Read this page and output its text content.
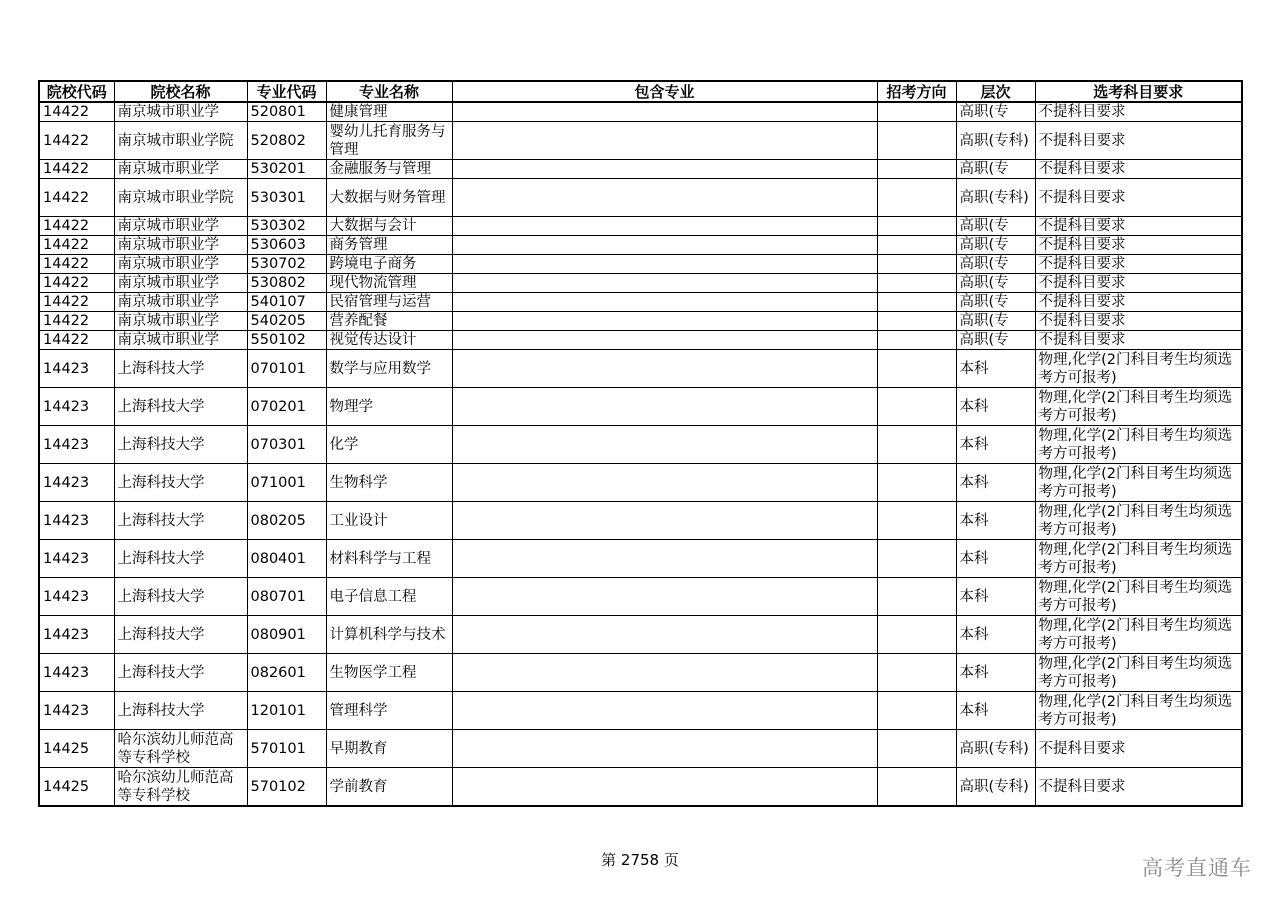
院校代码	院校名称	专业代码	专业名称	包含专业	招考方向	层次	选考科目要求

14422	南京城市职业学	520801	健康管理			高职(专	不提科目要求

14422	南京城市职业学院	520802	婴幼儿托育服务与管理			高职(专科)	不提科目要求

14422	南京城市职业学	530201	金融服务与管理			高职(专	不提科目要求

14422	南京城市职业学院	530301	大数据与财务管理			高职(专科)	不提科目要求

14422	南京城市职业学	530302	大数据与会计			高职(专	不提科目要求

14422	南京城市职业学	530603	商务管理			高职(专	不提科目要求

14422	南京城市职业学	530702	跨境电子商务			高职(专	不提科目要求

14422	南京城市职业学	530802	现代物流管理			高职(专	不提科目要求

14422	南京城市职业学	540107	民宿管理与运营			高职(专	不提科目要求

14422	南京城市职业学	540205	营养配餐			高职(专	不提科目要求

14422	南京城市职业学	550102	视觉传达设计			高职(专	不提科目要求

14423	上海科技大学	070101	数学与应用数学			本科	物理,化学(2门科目考生均须选考方可报考)
14423	上海科技大学	070201	物理学			本科	物理,化学(2门科目考生均须选考方可报考)
14423	上海科技大学	070301	化学			本科	物理,化学(2门科目考生均须选考方可报考)
14423	上海科技大学	071001	生物科学			本科	物理,化学(2门科目考生均须选考方可报考)
14423	上海科技大学	080205	工业设计			本科	物理,化学(2门科目考生均须选考方可报考)
14423	上海科技大学	080401	材料科学与工程			本科	物理,化学(2门科目考生均须选考方可报考)
14423	上海科技大学	080701	电子信息工程			本科	物理,化学(2门科目考生均须选考方可报考)
14423	上海科技大学	080901	计算机科学与技术			本科	物理,化学(2门科目考生均须选考方可报考)
14423	上海科技大学	082601	生物医学工程			本科	物理,化学(2门科目考生均须选考方可报考)
14423	上海科技大学	120101	管理科学			本科	物理,化学(2门科目考生均须选考方可报考)
14425	哈尔滨幼儿师范高等专科学校	570101	早期教育			高职(专科)	不提科目要求
14425	哈尔滨幼儿师范高等专科学校	570102	学前教育			高职(专科)	不提科目要求
第 2758 页	高考直通车
